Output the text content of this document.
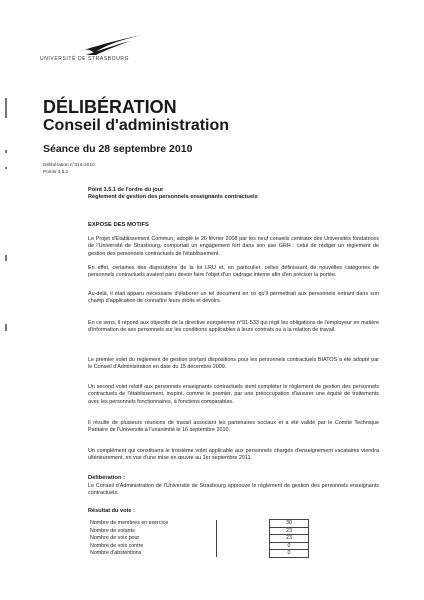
UNIVERSITÉ DE STRASBOURG
DÉLIBÉRATION
Conseil d'administration
Séance du 28 septembre 2010
Délibération n°316-2010
Points 3.5.1
Point 3.5.1 de l'ordre du jour
Règlement de gestion des personnels enseignants contractuels
EXPOSE DES MOTIFS
Le Projet d'Etablissement Commun, adopté le 26 février 2008 par les neuf conseils centraux des Universités fondatrices de l'Université de Strasbourg, comportait un engagement fort dans son axe GRH : celui de rédiger un règlement de gestion des personnels contractuels de l'établissement.
En effet, certaines des dispositions de la loi LRU et, en particulier, celles définissant de nouvelles catégories de personnels contractuels avaient paru devoir faire l'objet d'un cadrage interne afin d'en préciser la portée.
Au-delà, il était apparu nécessaire d'élaborer un tel document en ce qu'il permettrait aux personnels entrant dans son champ d'application de connaître leurs droits et devoirs.
En ce sens, il répond aux objectifs de la directive européenne n°91-533 qui régit les obligations de l'employeur en matière d'information de ses personnels sur les conditions applicables à leurs contrats ou à la relation de travail.
Le premier volet du règlement de gestion portant dispositions pour les personnels contractuels BIATOS a été adopté par le Conseil d'Administration en date du 15 décembre 2009.
Un second volet relatif aux personnels enseignants contractuels vient compléter le règlement de gestion des personnels contractuels de l'établissement, inspiré, comme le premier, par une préoccupation d'assurer une équité de traitements avec les personnels fonctionnaires, à fonctions comparables.
Il résulte de plusieurs réunions de travail associant les partenaires sociaux et a été validé par le Comité Technique Paritaire de l'Université à l'unanimité le 16 septembre 2010.
Un complément qui constituera le troisième volet applicable aux personnels chargés d'enseignement vacataires viendra ultérieurement, en vue d'une mise en œuvre au 1er septembre 2011.
Délibération :
Le Conseil d'Administration de l'Université de Strasbourg approuve le règlement de gestion des personnels enseignants contractuels.
Résultat du vote :
Nombre de membres en exercice		30
Nombre de votants		23
Nombre de voix pour		23
Nombre de voix contre		0
Nombre d'abstentions		0
